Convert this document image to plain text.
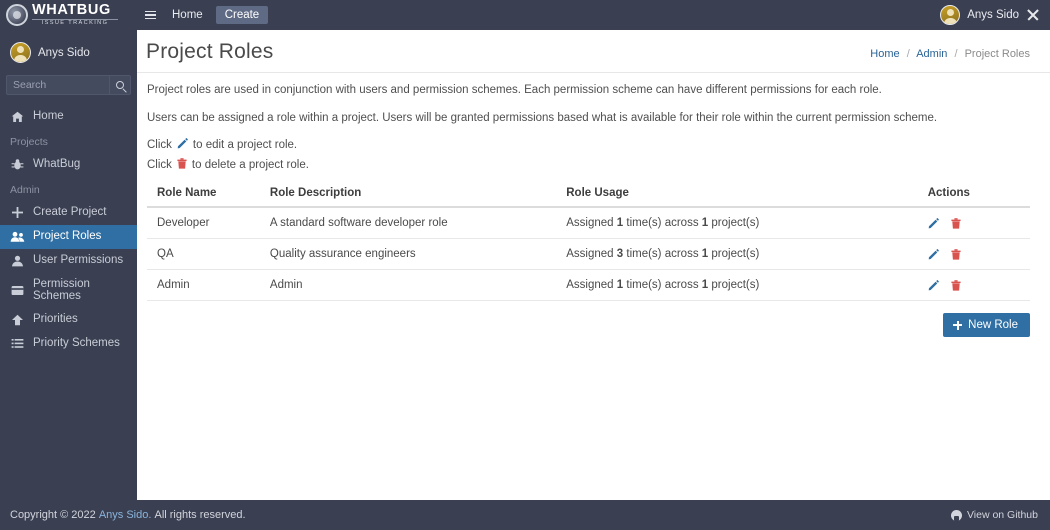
WHATBUG
ISSUE TRACKING
Home	Create	Anys Sido
Anys Sido
Search
Home
Projects
WhatBug
Admin
Create Project
Project Roles
User Permissions
Permission Schemes
Priorities
Priority Schemes
Project Roles	Home / Admin / Project Roles

Project roles are used in conjunction with users and permission schemes. Each permission scheme can have different permissions for each role.

Users can be assigned a role within a project. Users will be granted permissions based what is available for their role within the current permission scheme.

Click to edit a project role.
Click to delete a project role.
Role Name	Role Description	Role Usage	Actions
Developer	A standard software developer role	Assigned 1 time(s) across 1 project(s)	

QA	Quality assurance engineers	Assigned 3 time(s) across 1 project(s)	

Admin	Admin	Assigned 1 time(s) across 1 project(s)	
New Role
Copyright © 2022
Anys Sido.
All rights reserved.	View on Github
